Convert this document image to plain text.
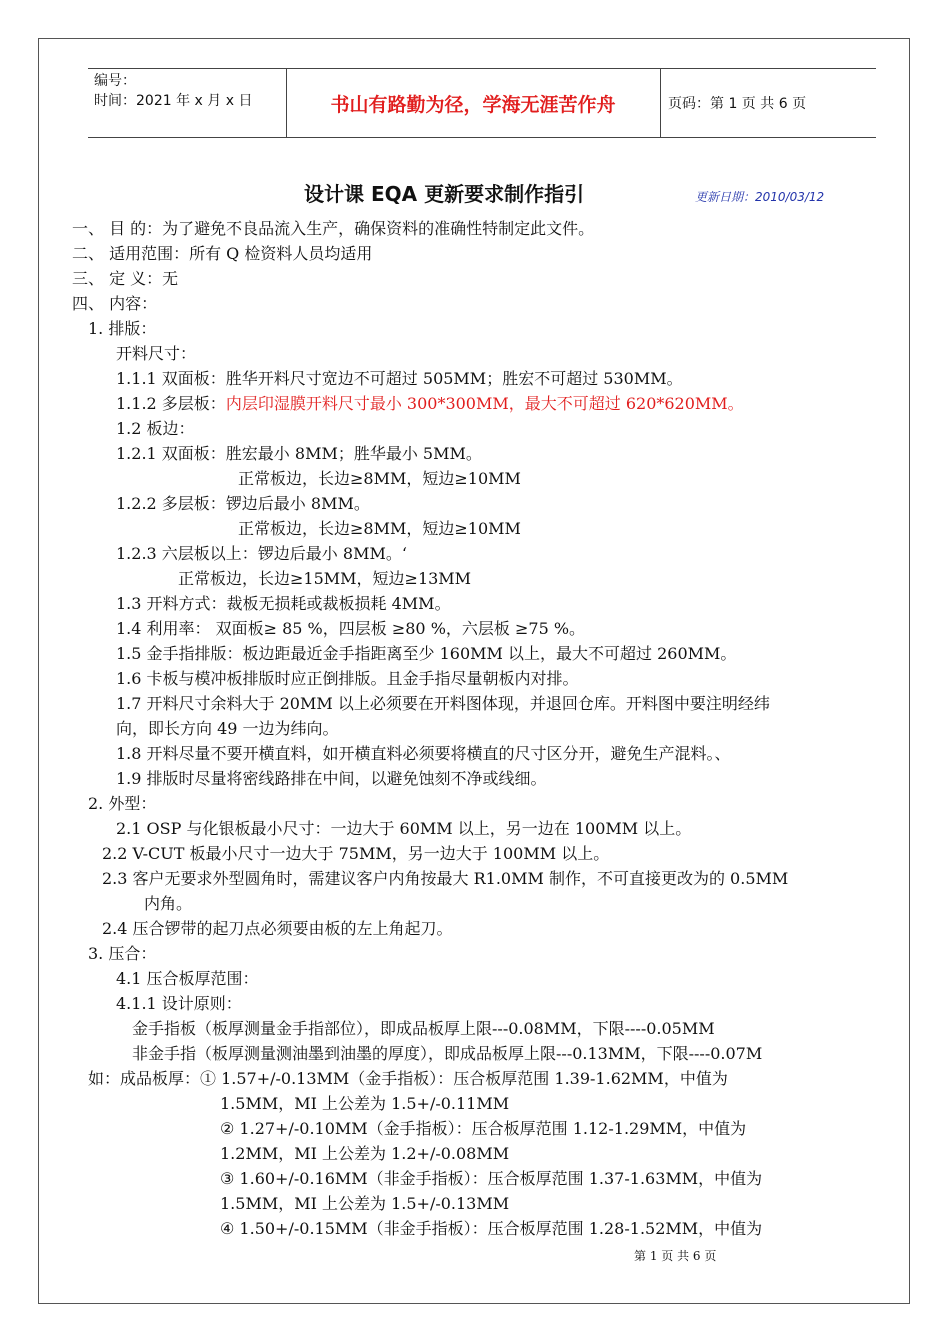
编号：
时间：2021 年 x 月 x 日	书山有路勤为径，学海无涯苦作舟	页码：第 1 页 共 6 页
设计课 EQA 更新要求制作指引	更新日期：2010/03/12
一、 目 的：为了避免不良品流入生产，确保资料的准确性特制定此文件。
二、 适用范围：所有 Q 检资料人员均适用
三、 定 义：无
四、 内容：
1. 排版：
开料尺寸：
1.1.1 双面板：胜华开料尺寸宽边不可超过 505MM；胜宏不可超过 530MM。
1.1.2 多层板：内层印湿膜开料尺寸最小 300*300MM，最大不可超过 620*620MM。
1.2 板边：
1.2.1 双面板：胜宏最小 8MM；胜华最小 5MM。
正常板边，长边≥8MM，短边≥10MM
1.2.2 多层板：锣边后最小 8MM。
正常板边，长边≥8MM，短边≥10MM
1.2.3 六层板以上：锣边后最小 8MM。‘
正常板边，长边≥15MM，短边≥13MM
1.3 开料方式：裁板无损耗或裁板损耗 4MM。
1.4 利用率： 双面板≥ 85 %，四层板 ≥80 %，六层板 ≥75 %。
1.5 金手指排版：板边距最近金手指距离至少 160MM 以上，最大不可超过 260MM。
1.6 卡板与模冲板排版时应正倒排版。且金手指尽量朝板内对排。
1.7 开料尺寸余料大于 20MM 以上必须要在开料图体现，并退回仓库。开料图中要注明经纬
向，即长方向 49 一边为纬向。
1.8 开料尽量不要开横直料，如开横直料必须要将横直的尺寸区分开，避免生产混料。、
1.9 排版时尽量将密线路排在中间，以避免蚀刻不净或线细。
2. 外型：
2.1 OSP 与化银板最小尺寸：一边大于 60MM 以上，另一边在 100MM 以上。
2.2 V-CUT 板最小尺寸一边大于 75MM，另一边大于 100MM 以上。
2.3 客户无要求外型圆角时，需建议客户内角按最大 R1.0MM 制作，不可直接更改为的 0.5MM
内角。
2.4 压合锣带的起刀点必须要由板的左上角起刀。
3. 压合：
4.1 压合板厚范围：
4.1.1 设计原则：
金手指板（板厚测量金手指部位），即成品板厚上限---0.08MM，下限----0.05MM
非金手指（板厚测量测油墨到油墨的厚度），即成品板厚上限---0.13MM，下限----0.07M
如：成品板厚：① 1.57+/-0.13MM（金手指板）：压合板厚范围 1.39-1.62MM，中值为
1.5MM，MI 上公差为 1.5+/-0.11MM
② 1.27+/-0.10MM（金手指板）：压合板厚范围 1.12-1.29MM，中值为
1.2MM，MI 上公差为 1.2+/-0.08MM
③ 1.60+/-0.16MM（非金手指板）：压合板厚范围 1.37-1.63MM，中值为
1.5MM，MI 上公差为 1.5+/-0.13MM
④ 1.50+/-0.15MM（非金手指板）：压合板厚范围 1.28-1.52MM，中值为
第 1 页 共 6 页
